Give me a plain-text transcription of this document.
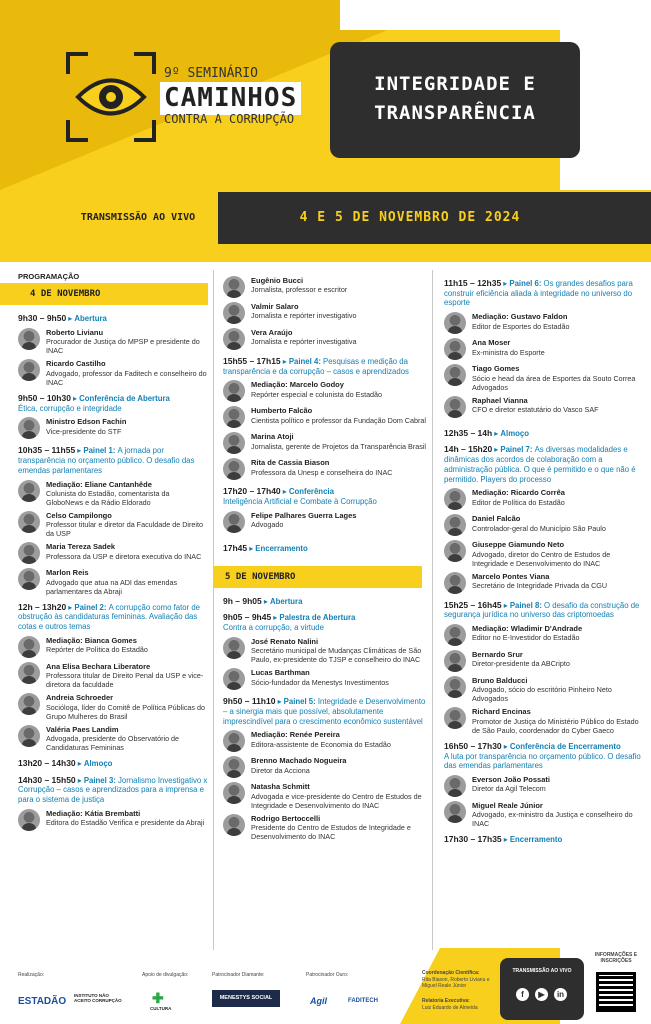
9º SEMINÁRIO
CAMINHOS
CONTRA A CORRUPÇÃO
INTEGRIDADE E
TRANSPARÊNCIA
TRANSMISSÃO AO VIVO	4 E 5 DE NOVEMBRO DE 2024
PROGRAMAÇÃO
4 DE NOVEMBRO
9h30 – 9h50 ▸ Abertura
Roberto Livianu
Procurador de Justiça do MPSP e presidente do INAC
Ricardo Castilho
Advogado, professor da Faditech e conselheiro do INAC
9h50 – 10h30 ▸ Conferência de Abertura
Ética, corrupção e integridade
Ministro Edson Fachin
Vice-presidente do STF
10h35 – 11h55 ▸ Painel 1: A jornada por transparência no orçamento público. O desafio das emendas parlamentares
Mediação: Eliane Cantanhêde
Colunista do Estadão, comentarista da GloboNews e da Rádio Eldorado
Celso Campilongo
Professor titular e diretor da Faculdade de Direito da USP
Maria Tereza Sadek
Professora da USP e diretora executiva do INAC
Marlon Reis
Advogado que atua na ADI das emendas parlamentares da Abraji
12h – 13h20 ▸ Painel 2: A corrupção como fator de obstrução às candidaturas femininas. Avaliação das cotas e outros temas
Mediação: Bianca Gomes
Repórter de Política do Estadão
Ana Elisa Bechara Liberatore
Professora titular de Direito Penal da USP e vice-diretora da faculdade
Andreia Schroeder
Socióloga, líder do Comitê de Política Públicas do Grupo Mulheres do Brasil
Valéria Paes Landim
Advogada, presidente do Observatório de Candidaturas Femininas
13h20 – 14h30 ▸ Almoço
14h30 – 15h50 ▸ Painel 3: Jornalismo Investigativo x Corrupção – casos e aprendizados para a imprensa e para o sistema de justiça
Mediação: Kátia Brembatti
Editora do Estadão Verifica e presidente da Abraji
Eugênio Bucci
Jornalista, professor e escritor
Valmir Salaro
Jornalista e repórter investigativo
Vera Araújo
Jornalista e repórter investigativa
15h55 – 17h15 ▸ Painel 4: Pesquisas e medição da transparência e da corrupção – casos e aprendizados
Mediação: Marcelo Godoy
Repórter especial e colunista do Estadão
Humberto Falcão
Cientista político e professor da Fundação Dom Cabral
Marina Atoji
Jornalista, gerente de Projetos da Transparência Brasil
Rita de Cassia Biason
Professora da Unesp e conselheira do INAC
17h20 – 17h40 ▸ Conferência
Inteligência Artificial e Combate à Corrupção
Felipe Palhares Guerra Lages
Advogado
17h45 ▸ Encerramento
5 DE NOVEMBRO
9h – 9h05 ▸ Abertura
9h05 – 9h45 ▸ Palestra de Abertura
Contra a corrupção, a virtude
José Renato Nalini
Secretário municipal de Mudanças Climáticas de São Paulo, ex-presidente do TJSP e conselheiro do INAC
Lucas Barthman
Sócio-fundador da Menestys Investimentos
9h50 – 11h10 ▸ Painel 5: Integridade e Desenvolvimento – a sinergia mais que possível, absolutamente imprescindível para o crescimento econômico sustentável
Mediação: Renée Pereira
Editora-assistente de Economia do Estadão
Brenno Machado Nogueira
Diretor da Acciona
Natasha Schmitt
Advogada e vice-presidente do Centro de Estudos de Integridade e Desenvolvimento do INAC
Rodrigo Bertoccelli
Presidente do Centro de Estudos de Integridade e Desenvolvimento do INAC
11h15 – 12h35 ▸ Painel 6: Os grandes desafios para construir eficiência aliada à integridade no universo do esporte
Mediação: Gustavo Faldon
Editor de Esportes do Estadão
Ana Moser
Ex-ministra do Esporte
Tiago Gomes
Sócio e head da área de Esportes da Souto Correa Advogados
Raphael Vianna
CFO e diretor estatutário do Vasco SAF
12h35 – 14h ▸ Almoço
14h – 15h20 ▸ Painel 7: As diversas modalidades e dinâmicas dos acordos de colaboração com a administração pública. O que é permitido e o que não é permitido. Players do processo
Mediação: Ricardo Corrêa
Editor de Política do Estadão
Daniel Falcão
Controlador-geral do Município São Paulo
Giuseppe Giamundo Neto
Advogado, diretor do Centro de Estudos de Integridade e Desenvolvimento do INAC
Marcelo Pontes Viana
Secretário de Integridade Privada da CGU
15h25 – 16h45 ▸ Painel 8: O desafio da construção de segurança jurídica no universo das criptomoedas
Mediação: Wladimir D'Andrade
Editor no E-Investidor do Estadão
Bernardo Srur
Diretor-presidente da ABCripto
Bruno Balducci
Advogado, sócio do escritório Pinheiro Neto Advogados
Richard Encinas
Promotor de Justiça do Ministério Público do Estado de São Paulo, coordenador do Cyber Gaeco
16h50 – 17h30 ▸ Conferência de Encerramento
A luta por transparência no orçamento público. O desafio das emendas parlamentares
Everson João Possati
Diretor da Agil Telecom
Miguel Reale Júnior
Advogado, ex-ministro da Justiça e conselheiro do INAC
17h30 – 17h35 ▸ Encerramento
Realização:
ESTADÃO
INSTITUTO NÃO ACEITO CORRUPÇÃO
Apoio de divulgação:
✚
CULTURA
Patrocinador Diamante:
MENESTYS SOCIAL
Patrocinador Ouro:
Agil	FADITECH
Coordenação Científica:
Rita Biason, Roberto Livianu e Miguel Reale Júnior
Relatoria Executiva:
Luiz Eduardo de Almeida
TRANSMISSÃO AO VIVO
f	▶	in
INFORMAÇÕES E INSCRIÇÕES
